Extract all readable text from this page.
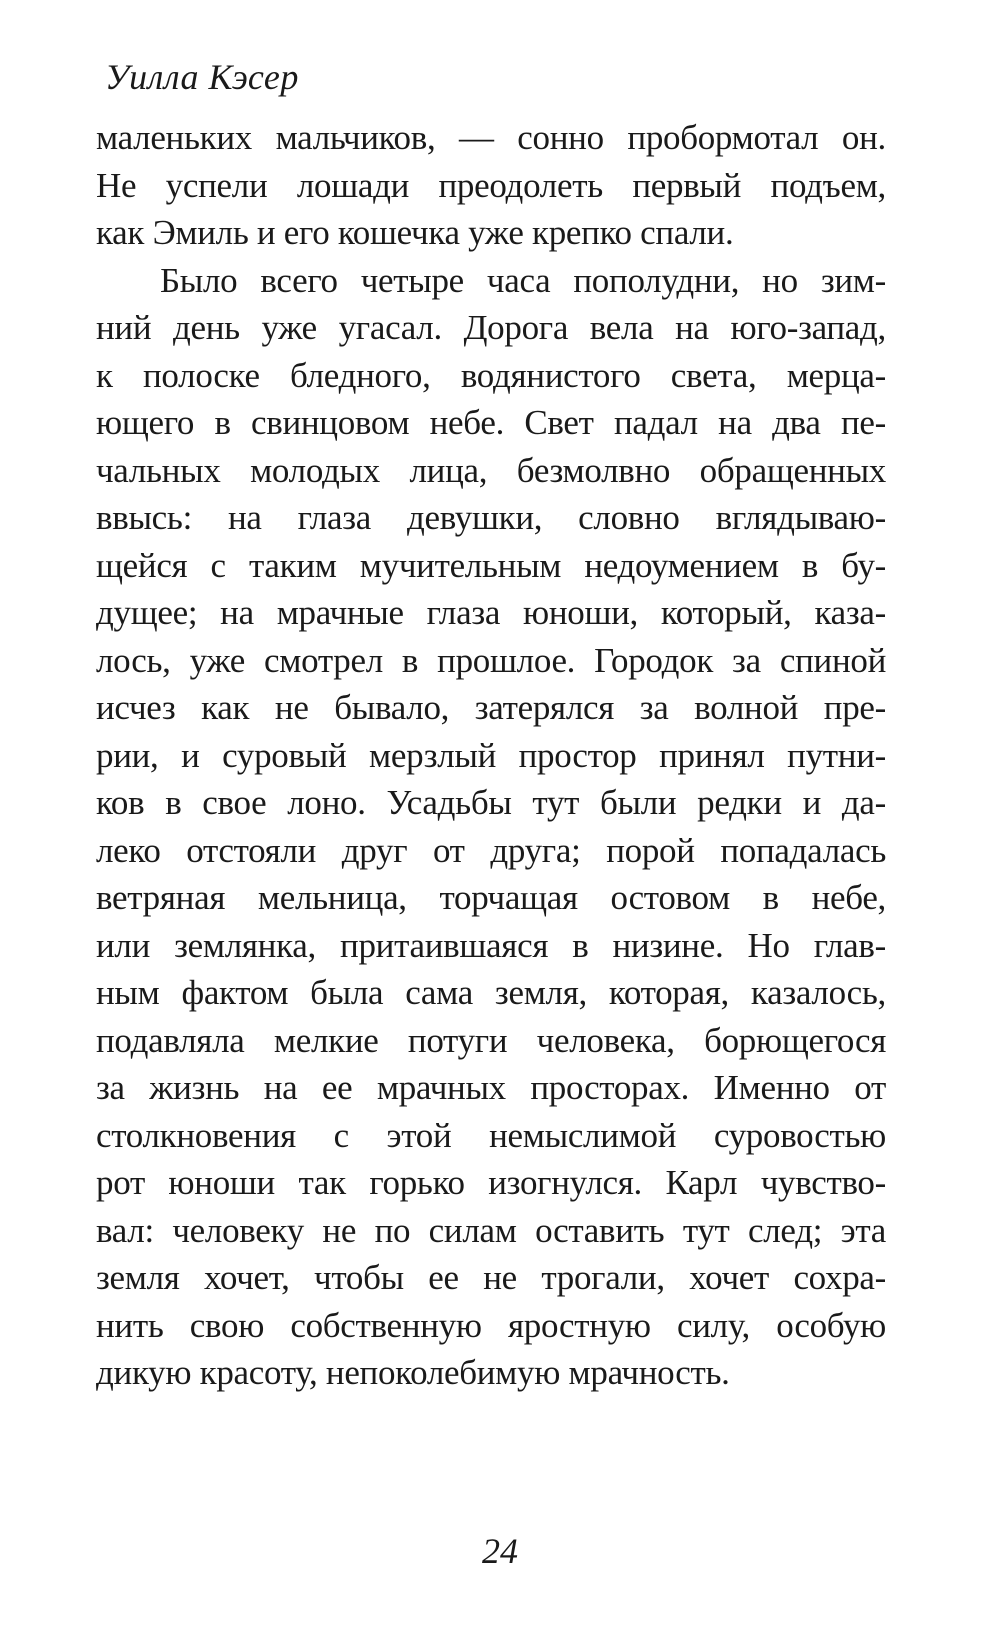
Уилла Кэсер
маленьких мальчиков, — сонно пробормотал он.
Не успели лошади преодолеть первый подъем,
как Эмиль и его кошечка уже крепко спали.
Было всего четыре часа пополудни, но зим-
ний день уже угасал. Дорога вела на юго-запад,
к полоске бледного, водянистого света, мерца-
ющего в свинцовом небе. Свет падал на два пе-
чальных молодых лица, безмолвно обращенных
ввысь: на глаза девушки, словно вглядываю-
щейся с таким мучительным недоумением в бу-
дущее; на мрачные глаза юноши, который, каза-
лось, уже смотрел в прошлое. Городок за спиной
исчез как не бывало, затерялся за волной пре-
рии, и суровый мерзлый простор принял путни-
ков в свое лоно. Усадьбы тут были редки и да-
леко отстояли друг от друга; порой попадалась
ветряная мельница, торчащая остовом в небе,
или землянка, притаившаяся в низине. Но глав-
ным фактом была сама земля, которая, казалось,
подавляла мелкие потуги человека, борющегося
за жизнь на ее мрачных просторах. Именно от
столкновения с этой немыслимой суровостью
рот юноши так горько изогнулся. Карл чувство-
вал: человеку не по силам оставить тут след; эта
земля хочет, чтобы ее не трогали, хочет сохра-
нить свою собственную яростную силу, особую
дикую красоту, непоколебимую мрачность.
24
